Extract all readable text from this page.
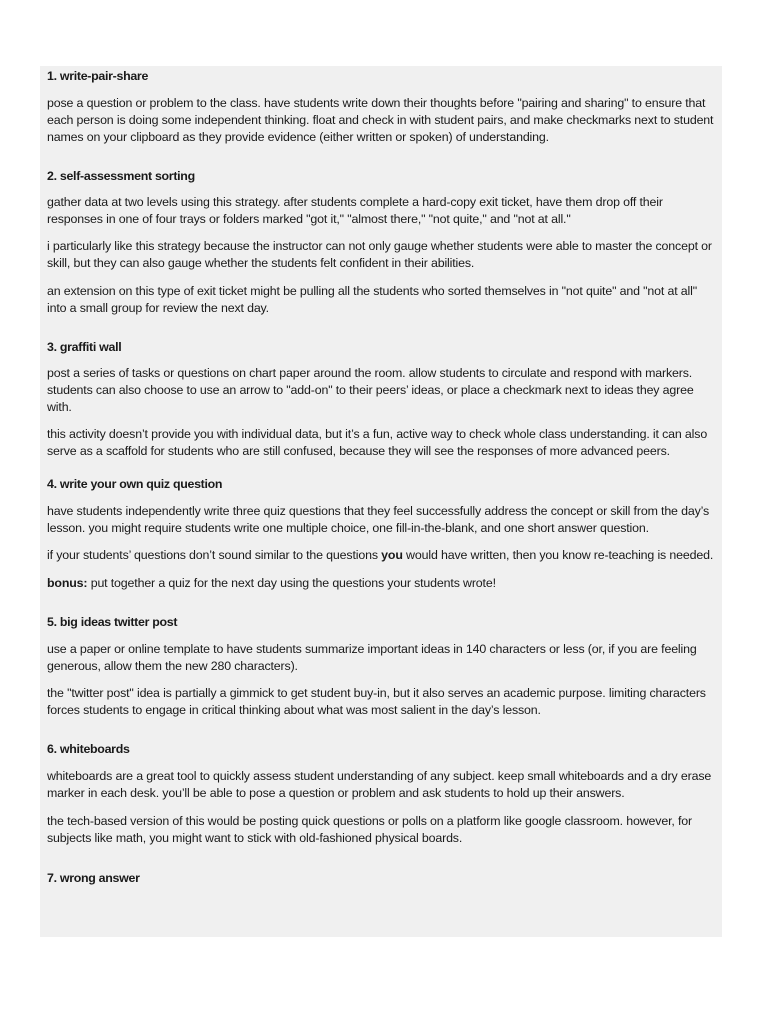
1. write-pair-share

pose a question or problem to the class. have students write down their thoughts before "pairing and sharing" to ensure that each person is doing some independent thinking. float and check in with student pairs, and make checkmarks next to student names on your clipboard as they provide evidence (either written or spoken) of understanding.

2. self-assessment sorting

gather data at two levels using this strategy. after students complete a hard-copy exit ticket, have them drop off their responses in one of four trays or folders marked "got it," "almost there," "not quite," and "not at all."

i particularly like this strategy because the instructor can not only gauge whether students were able to master the concept or skill, but they can also gauge whether the students felt confident in their abilities.

an extension on this type of exit ticket might be pulling all the students who sorted themselves in "not quite" and "not at all" into a small group for review the next day.

3. graffiti wall

post a series of tasks or questions on chart paper around the room. allow students to circulate and respond with markers. students can also choose to use an arrow to "add-on" to their peers’ ideas, or place a checkmark next to ideas they agree with.

this activity doesn’t provide you with individual data, but it’s a fun, active way to check whole class understanding. it can also serve as a scaffold for students who are still confused, because they will see the responses of more advanced peers.

4. write your own quiz question

have students independently write three quiz questions that they feel successfully address the concept or skill from the day’s lesson. you might require students write one multiple choice, one fill-in-the-blank, and one short answer question.

if your students’ questions don’t sound similar to the questions you would have written, then you know re-teaching is needed.

bonus: put together a quiz for the next day using the questions your students wrote!

5. big ideas twitter post

use a paper or online template to have students summarize important ideas in 140 characters or less (or, if you are feeling generous, allow them the new 280 characters).

the "twitter post" idea is partially a gimmick to get student buy-in, but it also serves an academic purpose. limiting characters forces students to engage in critical thinking about what was most salient in the day’s lesson.

6. whiteboards

whiteboards are a great tool to quickly assess student understanding of any subject. keep small whiteboards and a dry erase marker in each desk. you’ll be able to pose a question or problem and ask students to hold up their answers.

the tech-based version of this would be posting quick questions or polls on a platform like google classroom. however, for subjects like math, you might want to stick with old-fashioned physical boards.

7. wrong answer
